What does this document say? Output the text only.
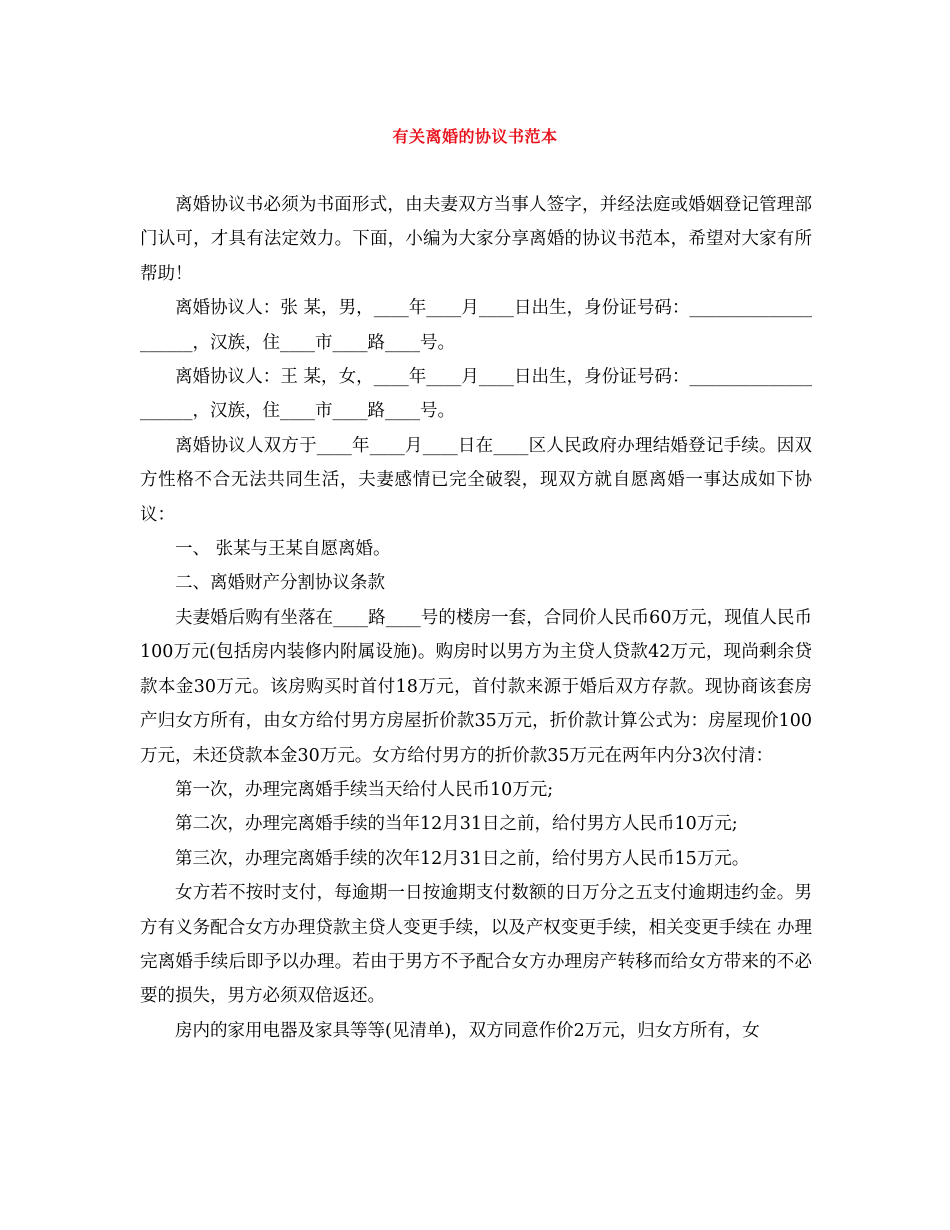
有关离婚的协议书范本

离婚协议书必须为书面形式，由夫妻双方当事人签字，并经法庭或婚姻登记管理部门认可，才具有法定效力。下面，小编为大家分享离婚的协议书范本，希望对大家有所帮助！

离婚协议人：张 某，男，____年____月____日出生，身份证号码：____________________，汉族，住____市____路____号。

离婚协议人：王 某，女，____年____月____日出生，身份证号码：____________________，汉族，住____市____路____号。

离婚协议人双方于____年____月____日在____区人民政府办理结婚登记手续。因双方性格不合无法共同生活，夫妻感情已完全破裂，现双方就自愿离婚一事达成如下协议：

一、 张某与王某自愿离婚。

二、离婚财产分割协议条款

夫妻婚后购有坐落在____路____号的楼房一套，合同价人民币60万元，现值人民币100万元(包括房内装修内附属设施)。购房时以男方为主贷人贷款42万元，现尚剩余贷款本金30万元。该房购买时首付18万元，首付款来源于婚后双方存款。现协商该套房产归女方所有，由女方给付男方房屋折价款35万元，折价款计算公式为：房屋现价100万元，未还贷款本金30万元。女方给付男方的折价款35万元在两年内分3次付清：

第一次，办理完离婚手续当天给付人民币10万元;

第二次，办理完离婚手续的当年12月31日之前，给付男方人民币10万元;

第三次，办理完离婚手续的次年12月31日之前，给付男方人民币15万元。

女方若不按时支付，每逾期一日按逾期支付数额的日万分之五支付逾期违约金。男方有义务配合女方办理贷款主贷人变更手续，以及产权变更手续，相关变更手续在 办理完离婚手续后即予以办理。若由于男方不予配合女方办理房产转移而给女方带来的不必要的损失，男方必须双倍返还。

房内的家用电器及家具等等(见清单)，双方同意作价2万元，归女方所有，女
